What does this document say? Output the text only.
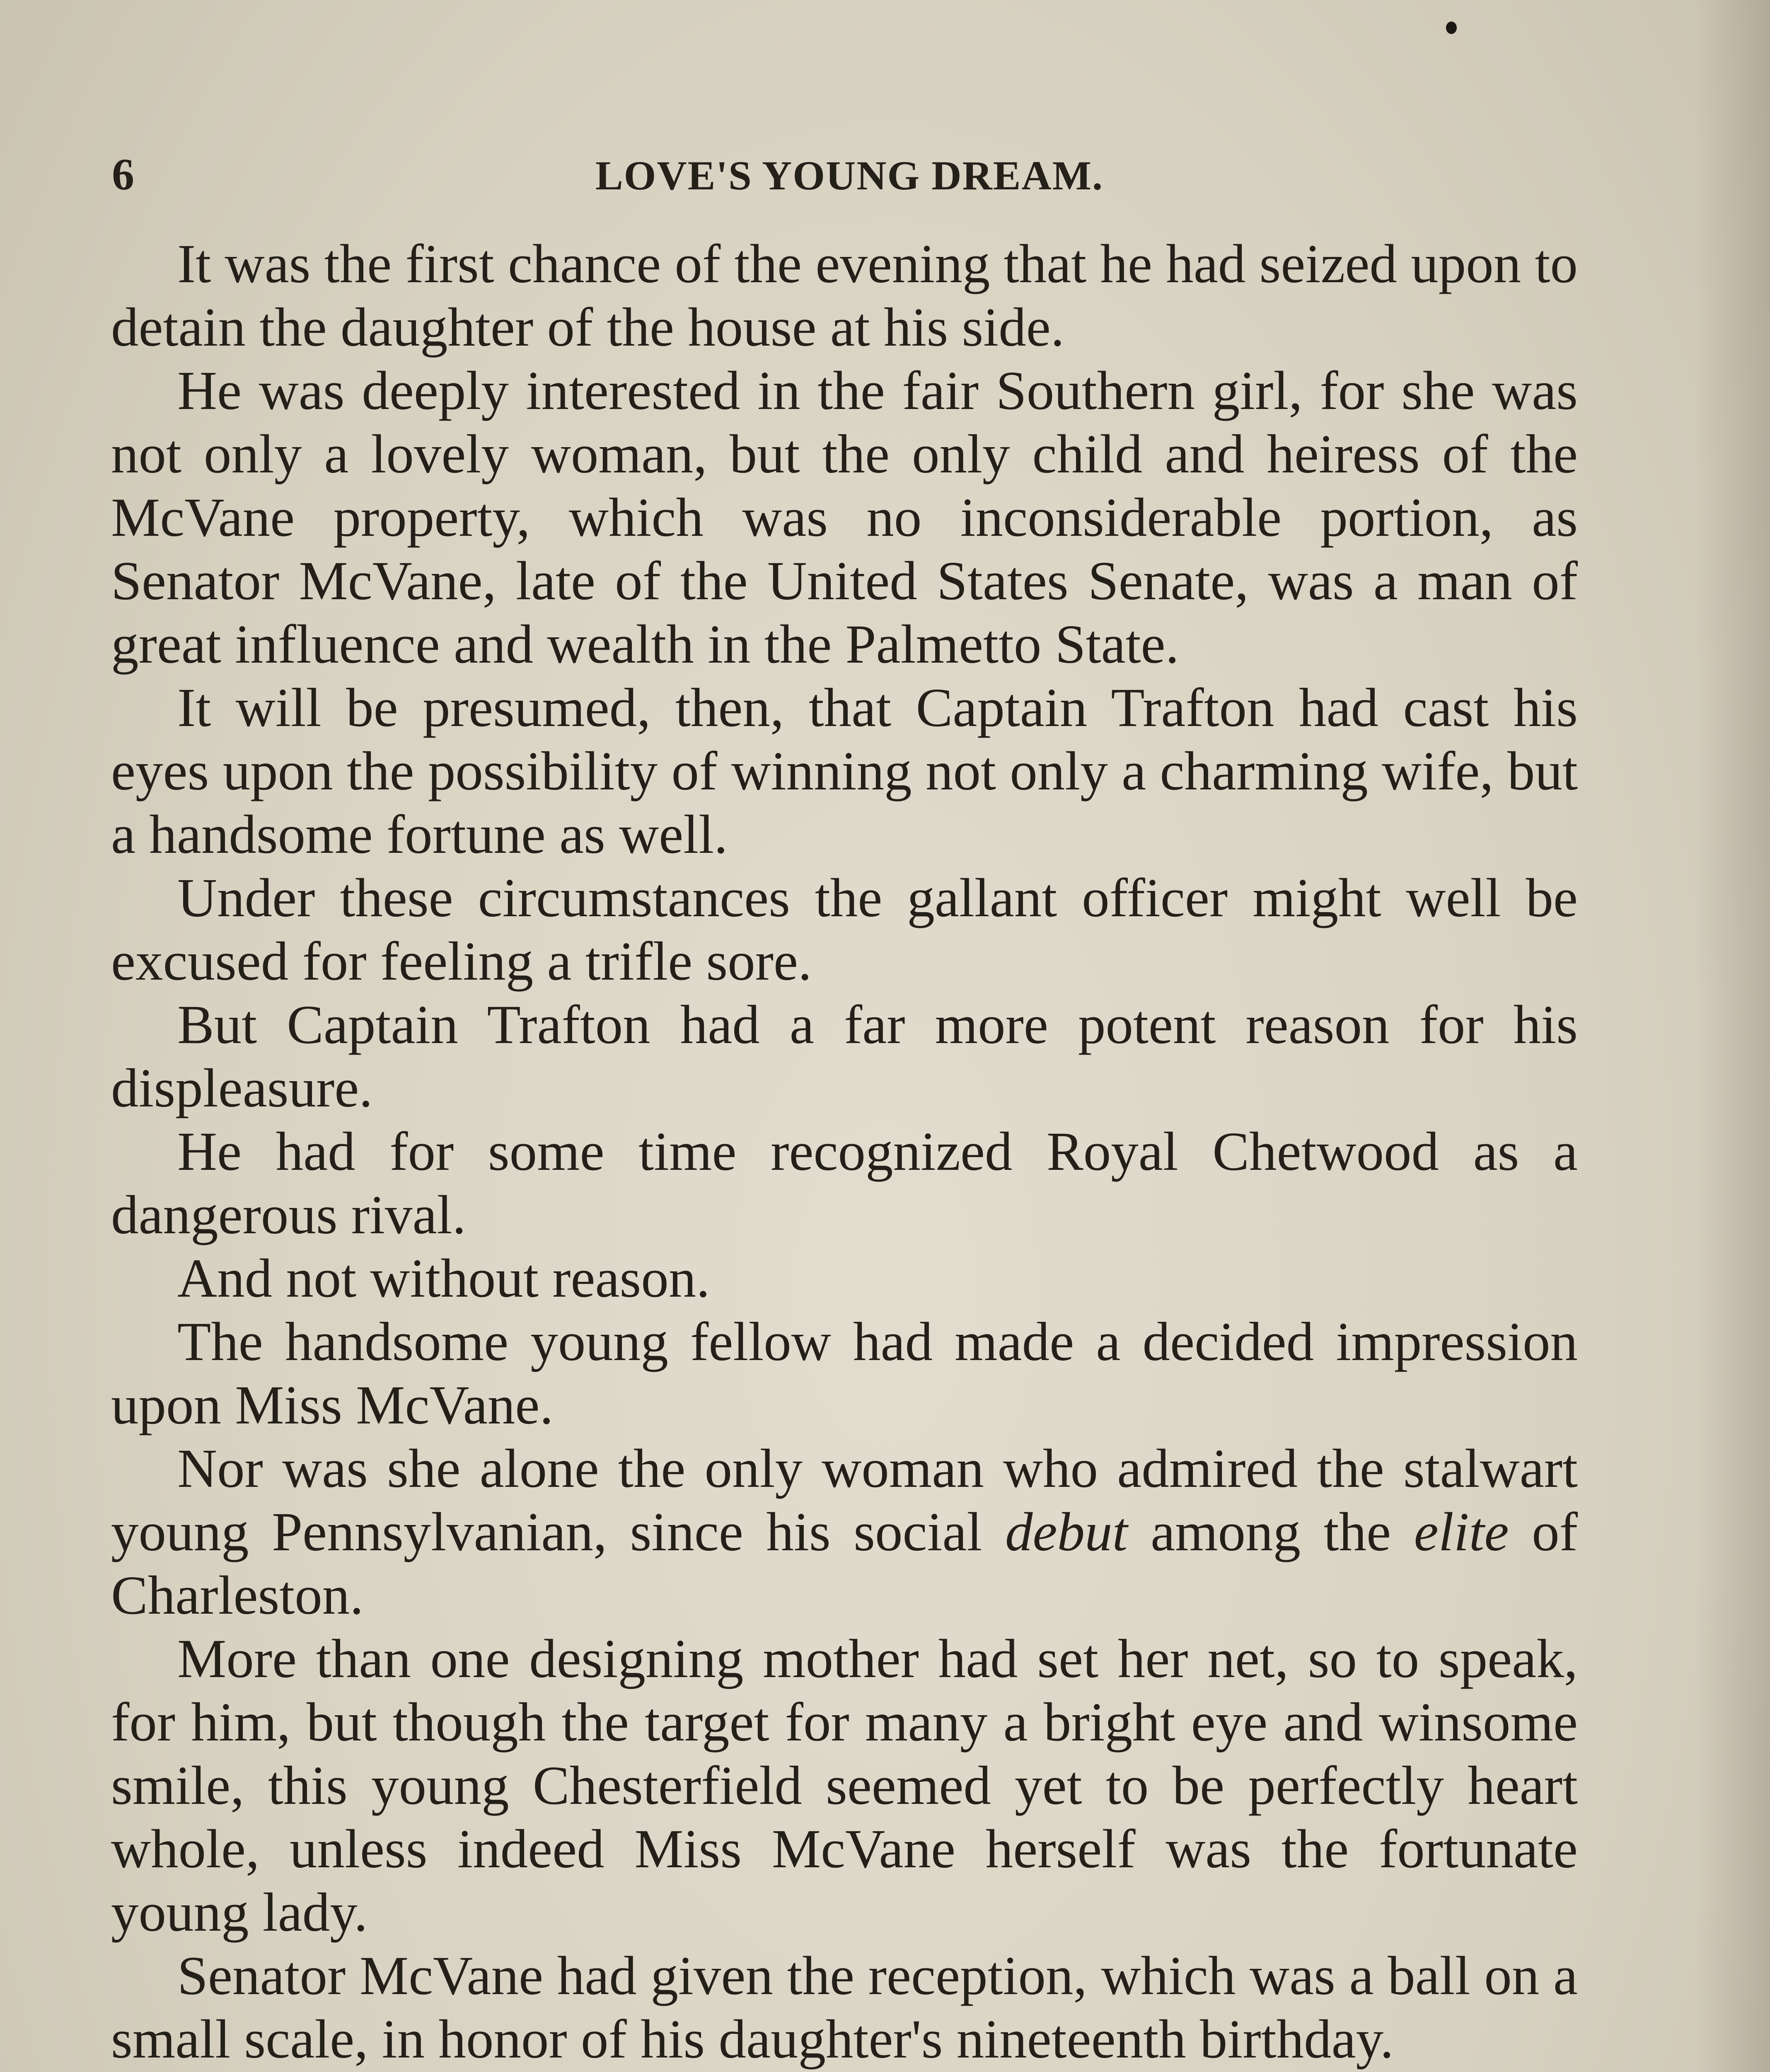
6	LOVE'S YOUNG DREAM.

It was the first chance of the evening that he had seized upon to detain the daughter of the house at his side.

He was deeply interested in the fair Southern girl, for she was not only a lovely woman, but the only child and heiress of the McVane property, which was no inconsiderable portion, as Senator McVane, late of the United States Senate, was a man of great influence and wealth in the Palmetto State.

It will be presumed, then, that Captain Trafton had cast his eyes upon the possibility of winning not only a charming wife, but a handsome fortune as well.

Under these circumstances the gallant officer might well be excused for feeling a trifle sore.

But Captain Trafton had a far more potent reason for his displeasure.

He had for some time recognized Royal Chetwood as a dangerous rival.

And not without reason.

The handsome young fellow had made a decided impression upon Miss McVane.

Nor was she alone the only woman who admired the stalwart young Pennsylvanian, since his social debut among the elite of Charleston.

More than one designing mother had set her net, so to speak, for him, but though the target for many a bright eye and winsome smile, this young Chesterfield seemed yet to be perfectly heart whole, unless indeed Miss McVane herself was the fortunate young lady.

Senator McVane had given the reception, which was a ball on a small scale, in honor of his daughter's nineteenth birthday.
